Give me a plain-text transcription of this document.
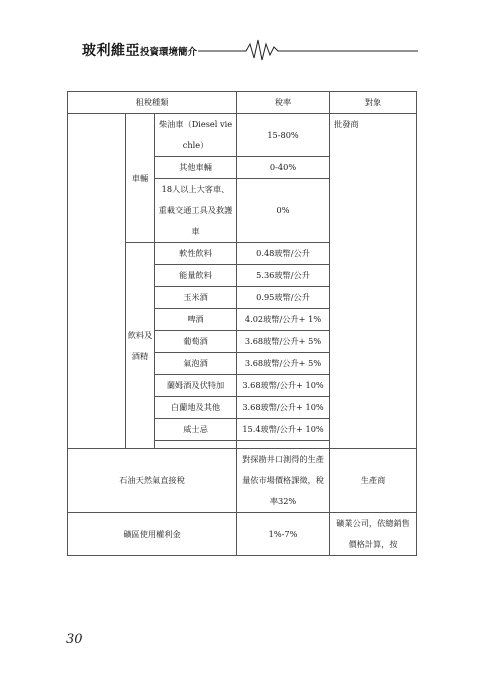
玻利維亞投資環境簡介
租稅種類			稅率	對象
	車輛	柴油車（Diesel viechle）	15-80%	批發商
		其他車輛	0-40%	
		18人以上大客車、重載交通工具及救護車	0%	
	飲料及酒精	軟性飲料	0.48玻幣/公升	
		能量飲料	5.36玻幣/公升	
		玉米酒	0.95玻幣/公升	
		啤酒	4.02玻幣/公升+ 1%	
		葡萄酒	3.68玻幣/公升+ 5%	
		氣泡酒	3.68玻幣/公升+ 5%	
		蘭姆酒及伏特加	3.68玻幣/公升+ 10%	
		白蘭地及其他	3.68玻幣/公升+ 10%	
		威士忌	15.4玻幣/公升+ 10%	

石油天然氣直接稅			對探勘井口測得的生產量依市場價格課徵，稅率32%	生產商
礦區使用權利金			1%-7%	礦業公司，依總銷售價格計算，按
30
